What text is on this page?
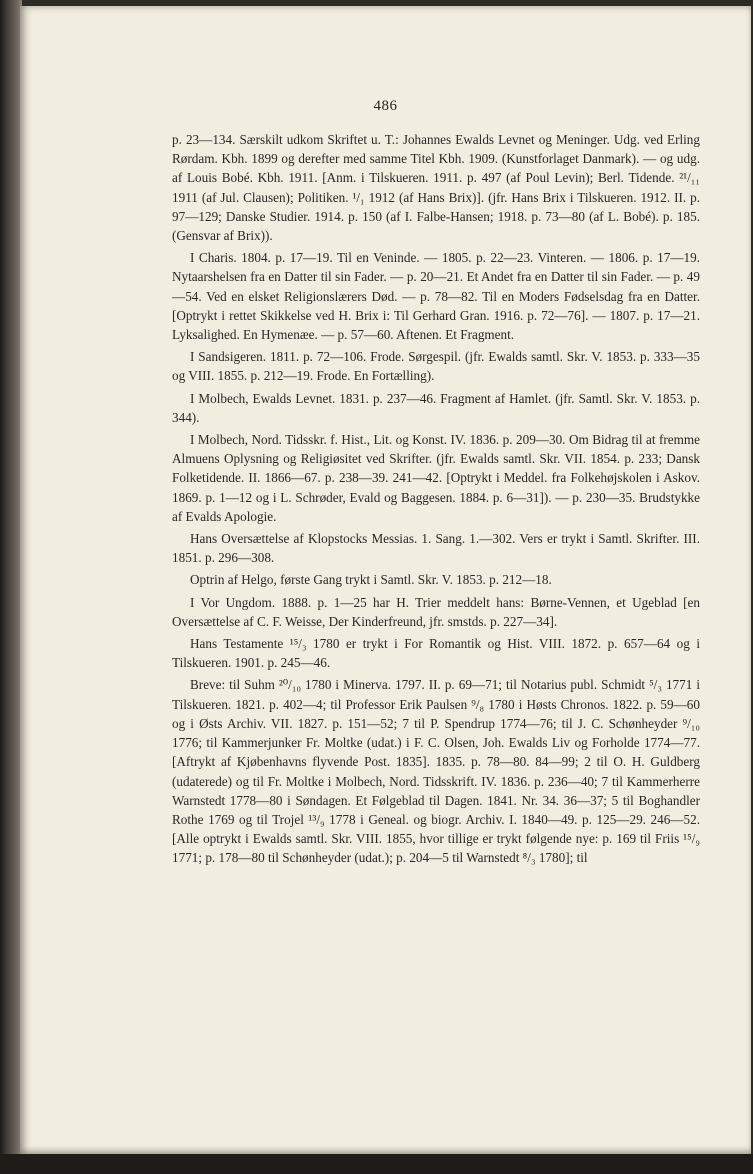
486

p. 23—134. Særskilt udkom Skriftet u. T.: Johannes Ewalds Levnet og Meninger. Udg. ved Erling Rørdam. Kbh. 1899 og derefter med samme Titel Kbh. 1909. (Kunstforlaget Danmark). — og udg. af Louis Bobé. Kbh. 1911. [Anm. i Tilskueren. 1911. p. 497 (af Poul Levin); Berl. Tidende. ²¹/₁₁ 1911 (af Jul. Clausen); Politiken. ¹/₁ 1912 (af Hans Brix)]. (jfr. Hans Brix i Tilskueren. 1912. II. p. 97—129; Danske Studier. 1914. p. 150 (af I. Falbe-Hansen; 1918. p. 73—80 (af L. Bobé). p. 185. (Gensvar af Brix)).

I Charis. 1804. p. 17—19. Til en Veninde. — 1805. p. 22—23. Vinteren. — 1806. p. 17—19. Nytaarshelsen fra en Datter til sin Fader. — p. 20—21. Et Andet fra en Datter til sin Fader. — p. 49—54. Ved en elsket Religionslærers Død. — p. 78—82. Til en Moders Fødselsdag fra en Datter. [Optrykt i rettet Skikkelse ved H. Brix i: Til Gerhard Gran. 1916. p. 72—76]. — 1807. p. 17—21. Lyksalighed. En Hymenæe. — p. 57—60. Aftenen. Et Fragment.

I Sandsigeren. 1811. p. 72—106. Frode. Sørgespil. (jfr. Ewalds samtl. Skr. V. 1853. p. 333—35 og VIII. 1855. p. 212—19. Frode. En Fortælling).

I Molbech, Ewalds Levnet. 1831. p. 237—46. Fragment af Hamlet. (jfr. Samtl. Skr. V. 1853. p. 344).

I Molbech, Nord. Tidsskr. f. Hist., Lit. og Konst. IV. 1836. p. 209—30. Om Bidrag til at fremme Almuens Oplysning og Religiøsitet ved Skrifter. (jfr. Ewalds samtl. Skr. VII. 1854. p. 233; Dansk Folketidende. II. 1866—67. p. 238—39. 241—42. [Optrykt i Meddel. fra Folkehøjskolen i Askov. 1869. p. 1—12 og i L. Schrøder, Evald og Baggesen. 1884. p. 6—31]). — p. 230—35. Brudstykke af Evalds Apologie.

Hans Oversættelse af Klopstocks Messias. 1. Sang. 1.—302. Vers er trykt i Samtl. Skrifter. III. 1851. p. 296—308.

Optrin af Helgo, første Gang trykt i Samtl. Skr. V. 1853. p. 212—18.

I Vor Ungdom. 1888. p. 1—25 har H. Trier meddelt hans: Børne-Vennen, et Ugeblad [en Oversættelse af C. F. Weisse, Der Kinderfreund, jfr. smstds. p. 227—34].

Hans Testamente ¹⁵/₃ 1780 er trykt i For Romantik og Hist. VIII. 1872. p. 657—64 og i Tilskueren. 1901. p. 245—46.

Breve: til Suhm ²⁰/₁₀ 1780 i Minerva. 1797. II. p. 69—71; til Notarius publ. Schmidt ⁵/₃ 1771 i Tilskueren. 1821. p. 402—4; til Professor Erik Paulsen ⁹/₈ 1780 i Høsts Chronos. 1822. p. 59—60 og i Østs Archiv. VII. 1827. p. 151—52; 7 til P. Spendrup 1774—76; til J. C. Schønheyder ⁹/₁₀ 1776; til Kammerjunker Fr. Moltke (udat.) i F. C. Olsen, Joh. Ewalds Liv og Forholde 1774—77. [Aftrykt af Kjøbenhavns flyvende Post. 1835]. 1835. p. 78—80. 84—99; 2 til O. H. Guldberg (udaterede) og til Fr. Moltke i Molbech, Nord. Tidsskrift. IV. 1836. p. 236—40; 7 til Kammerherre Warnstedt 1778—80 i Søndagen. Et Følgeblad til Dagen. 1841. Nr. 34. 36—37; 5 til Boghandler Rothe 1769 og til Trojel ¹³/₉ 1778 i Geneal. og biogr. Archiv. I. 1840—49. p. 125—29. 246—52. [Alle optrykt i Ewalds samtl. Skr. VIII. 1855, hvor tillige er trykt følgende nye: p. 169 til Friis ¹⁵/₉ 1771; p. 178—80 til Schønheyder (udat.); p. 204—5 til Warnstedt ⁸/₃ 1780]; til
